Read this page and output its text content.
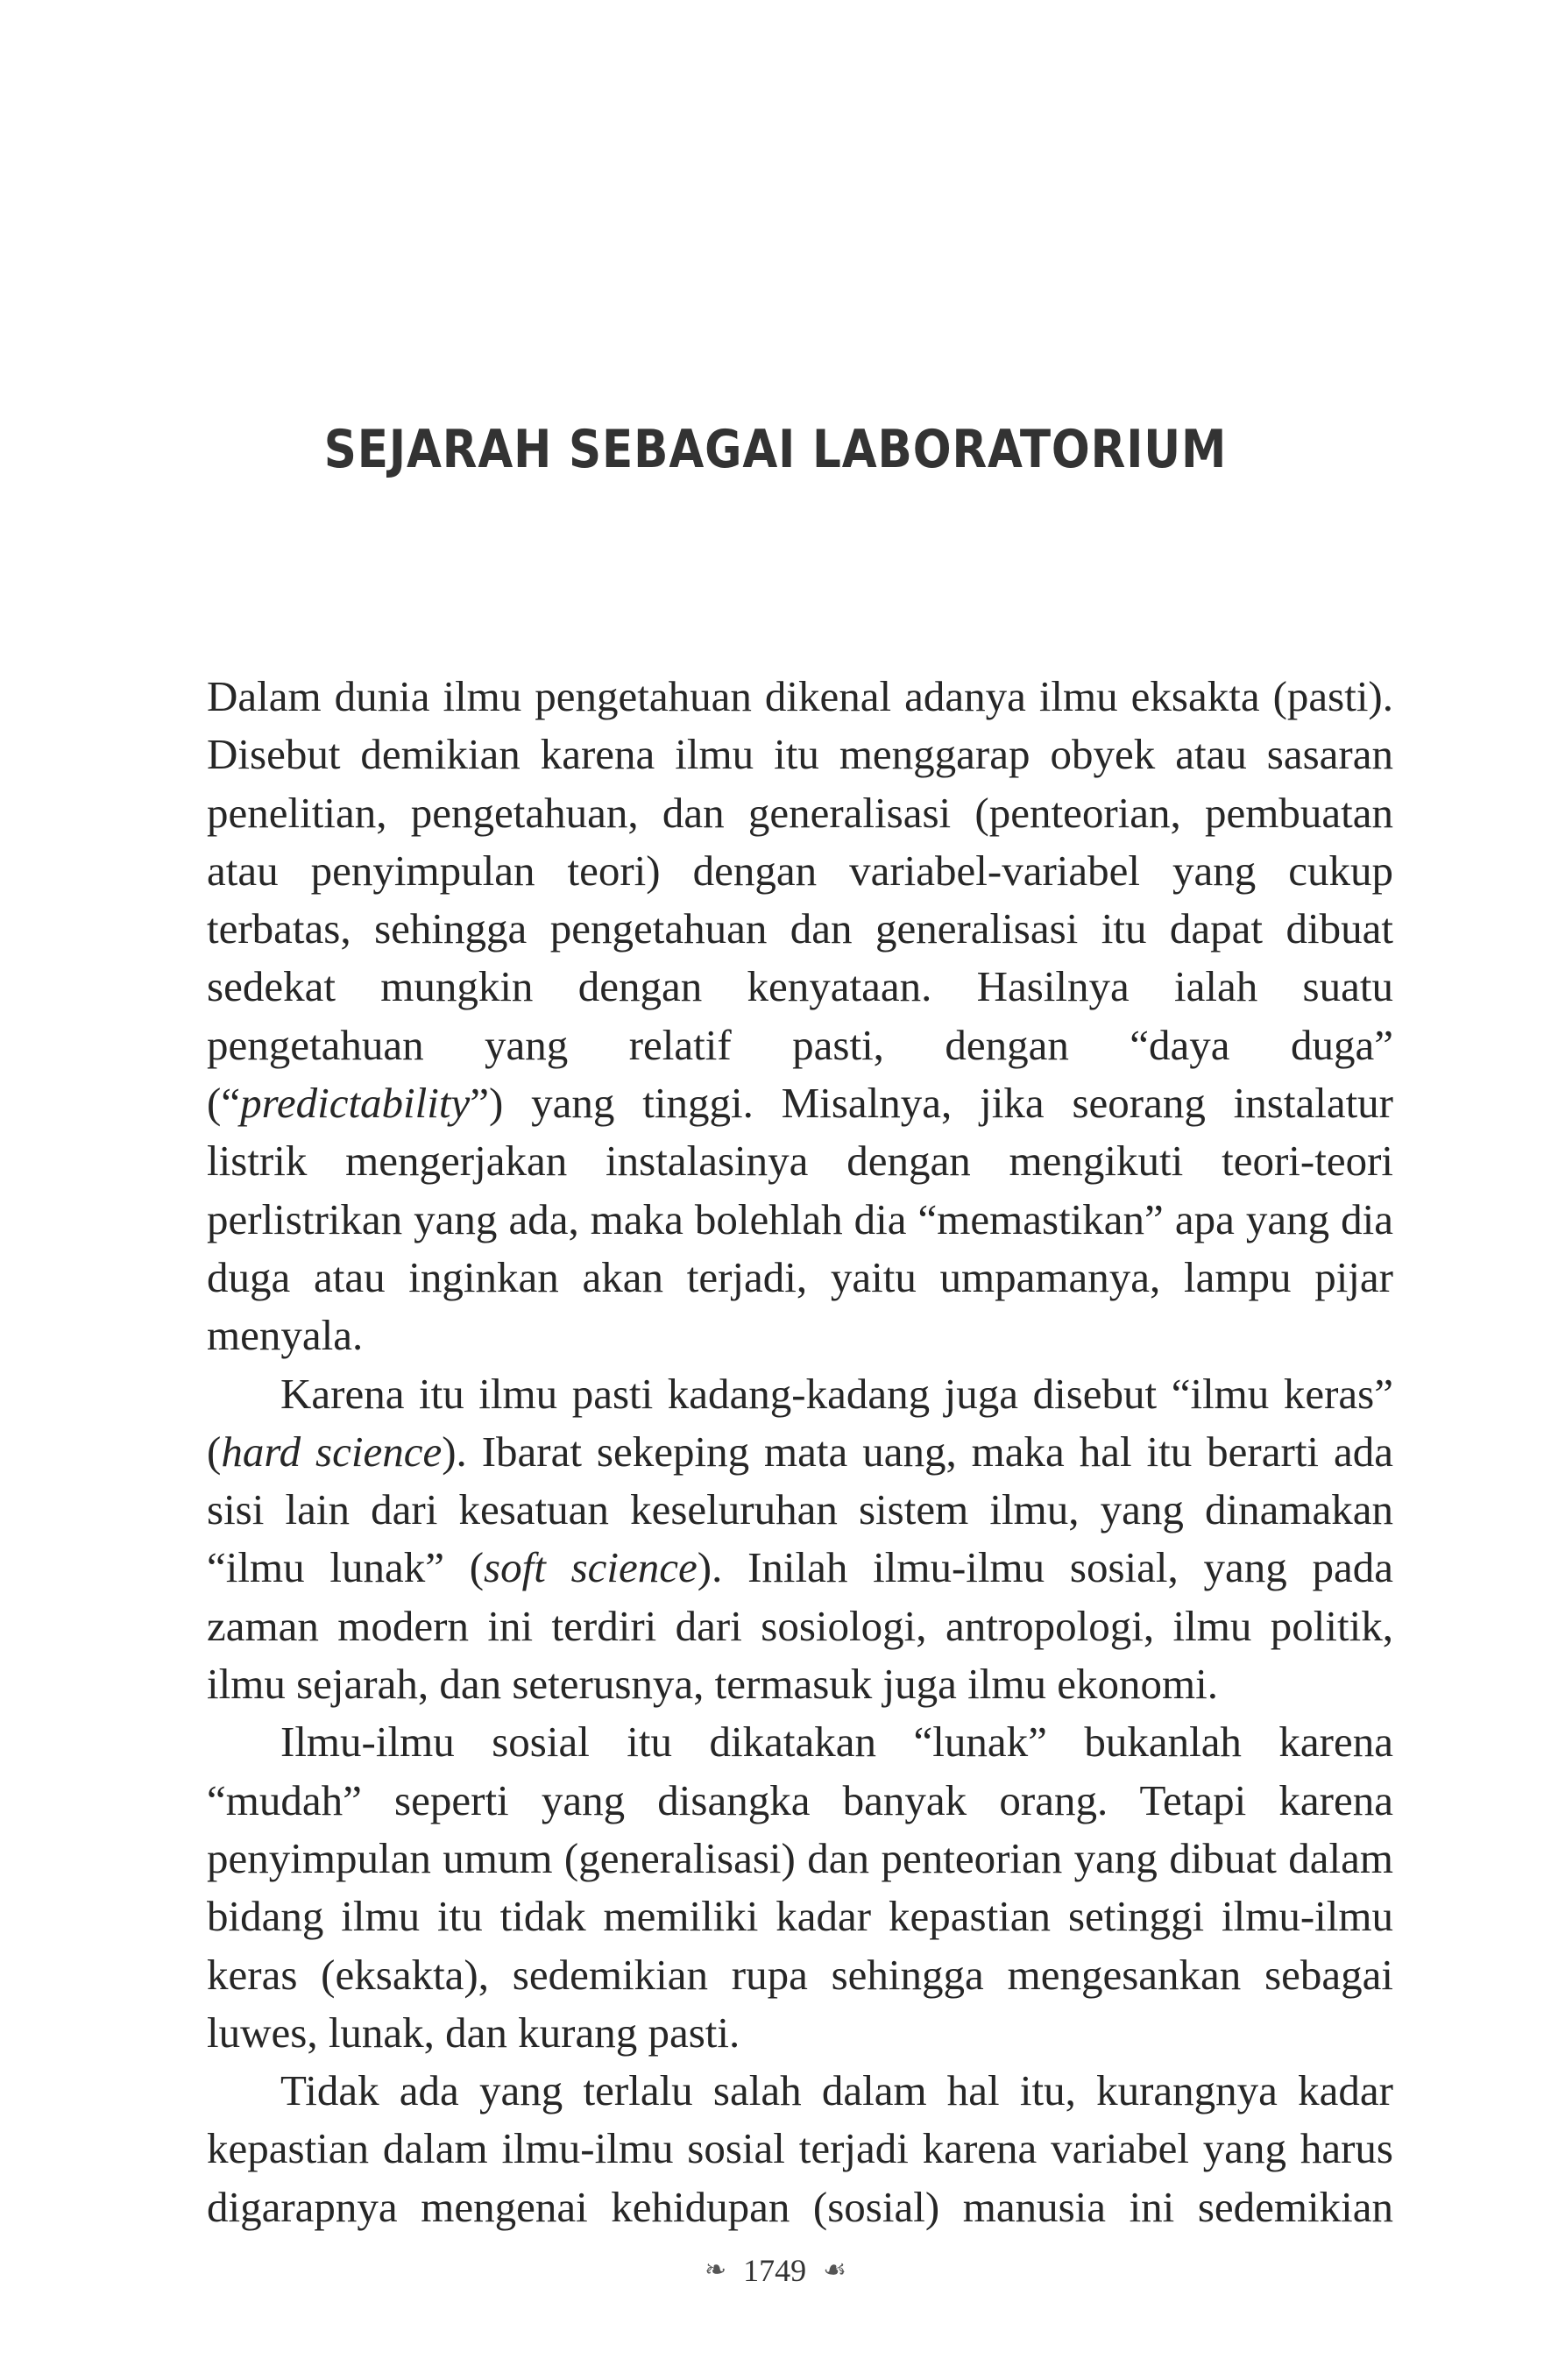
SEJARAH SEBAGAI LABORATORIUM

Dalam dunia ilmu pengetahuan dikenal adanya ilmu eksakta (pasti). Disebut demikian karena ilmu itu menggarap obyek atau sasaran penelitian, pengetahuan, dan generalisasi (penteorian, pembuatan atau penyimpulan teori) dengan variabel-variabel yang cukup terbatas, sehingga pengetahuan dan generalisasi itu dapat dibuat sedekat mungkin dengan kenyataan. Hasilnya ialah suatu pengetahuan yang relatif pasti, dengan “daya duga” (“predictability”) yang tinggi. Misalnya, jika seorang instalatur listrik mengerjakan instalasinya dengan mengikuti teori-teori perlistrikan yang ada, maka bolehlah dia “memastikan” apa yang dia duga atau inginkan akan terjadi, yaitu umpamanya, lampu pijar menyala.

Karena itu ilmu pasti kadang-kadang juga disebut “ilmu keras” (hard science). Ibarat sekeping mata uang, maka hal itu berarti ada sisi lain dari kesatuan keseluruhan sistem ilmu, yang dinamakan “ilmu lunak” (soft science). Inilah ilmu-ilmu sosial, yang pada zaman modern ini terdiri dari sosiologi, antropologi, ilmu politik, ilmu sejarah, dan seterusnya, termasuk juga ilmu ekonomi.

Ilmu-ilmu sosial itu dikatakan “lunak” bukanlah karena “mudah” seperti yang disangka banyak orang. Tetapi karena penyimpulan umum (generalisasi) dan penteorian yang dibuat dalam bidang ilmu itu tidak memiliki kadar kepastian setinggi ilmu-ilmu keras (eksakta), sedemikian rupa sehingga mengesankan sebagai luwes, lunak, dan kurang pasti.

Tidak ada yang terlalu salah dalam hal itu, kurangnya kadar kepastian dalam ilmu-ilmu sosial terjadi karena variabel yang harus digarapnya mengenai kehidupan (sosial) manusia ini sedemikian

❧ 1749 ☙
